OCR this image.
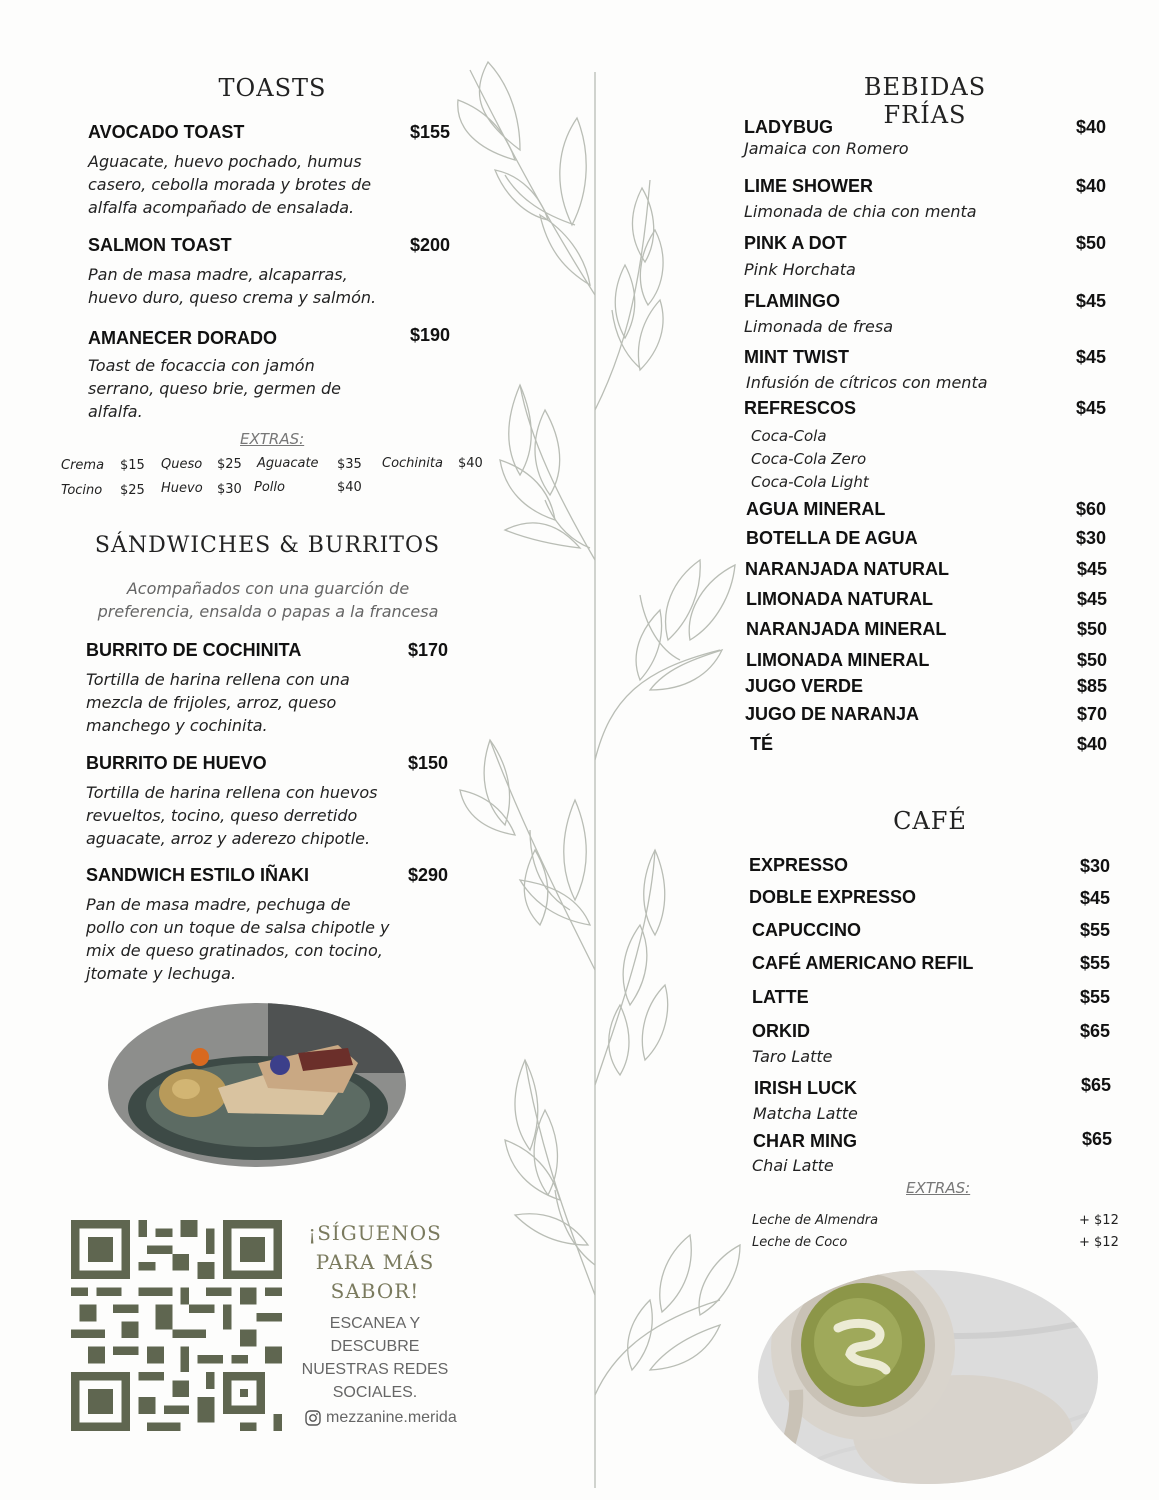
TOASTS
AVOCADO TOAST	$155
Aguacate, huevo pochado, humus
casero, cebolla morada y brotes de
alfalfa acompañado de ensalada.
SALMON TOAST	$200
Pan de masa madre, alcaparras,
huevo duro, queso crema y salmón.
AMANECER DORADO	$190
Toast de focaccia con jamón
serrano, queso brie, germen de
alfalfa.
EXTRAS:
Crema $15 Queso $25 Aguacate $35 Cochinita $40
Tocino $25 Huevo $30 Pollo	$40
SÁNDWICHES & BURRITOS
Acompañados con una guarción de
preferencia, ensalda o papas a la francesa
BURRITO DE COCHINITA	$170
Tortilla de harina rellena con una
mezcla de frijoles, arroz, queso
manchego y cochinita.
BURRITO DE HUEVO	$150
Tortilla de harina rellena con huevos
revueltos, tocino, queso derretido
aguacate, arroz y aderezo chipotle.
SANDWICH ESTILO IÑAKI	$290
Pan de masa madre, pechuga de
pollo con un toque de salsa chipotle y
mix de queso gratinados, con tocino,
jtomate y lechuga.
¡SÍGUENOS
PARA MÁS
SABOR!
ESCANEA Y
DESCUBRE
NUESTRAS REDES
SOCIALES.
mezzanine.merida
BEBIDAS FRÍAS
LADYBUG	$40
Jamaica con Romero
LIME SHOWER	$40
Limonada de chia con menta
PINK A DOT	$50
Pink Horchata
FLAMINGO	$45
Limonada de fresa
MINT TWIST	$45
Infusión de cítricos con menta
REFRESCOS	$45
Coca-Cola
Coca-Cola Zero
Coca-Cola Light
AGUA MINERAL	$60
BOTELLA DE AGUA	$30
NARANJADA NATURAL	$45
LIMONADA NATURAL	$45
NARANJADA MINERAL	$50
LIMONADA MINERAL	$50
JUGO VERDE	$85
JUGO DE NARANJA	$70
TÉ	$40
CAFÉ
EXPRESSO	$30
DOBLE EXPRESSO	$45
CAPUCCINO	$55
CAFÉ AMERICANO REFIL	$55
LATTE	$55
ORKID	$65
Taro Latte
IRISH LUCK	$65
Matcha Latte
CHAR MING	$65
Chai Latte
EXTRAS:
Leche de Almendra	+ $12
Leche de Coco	+ $12
